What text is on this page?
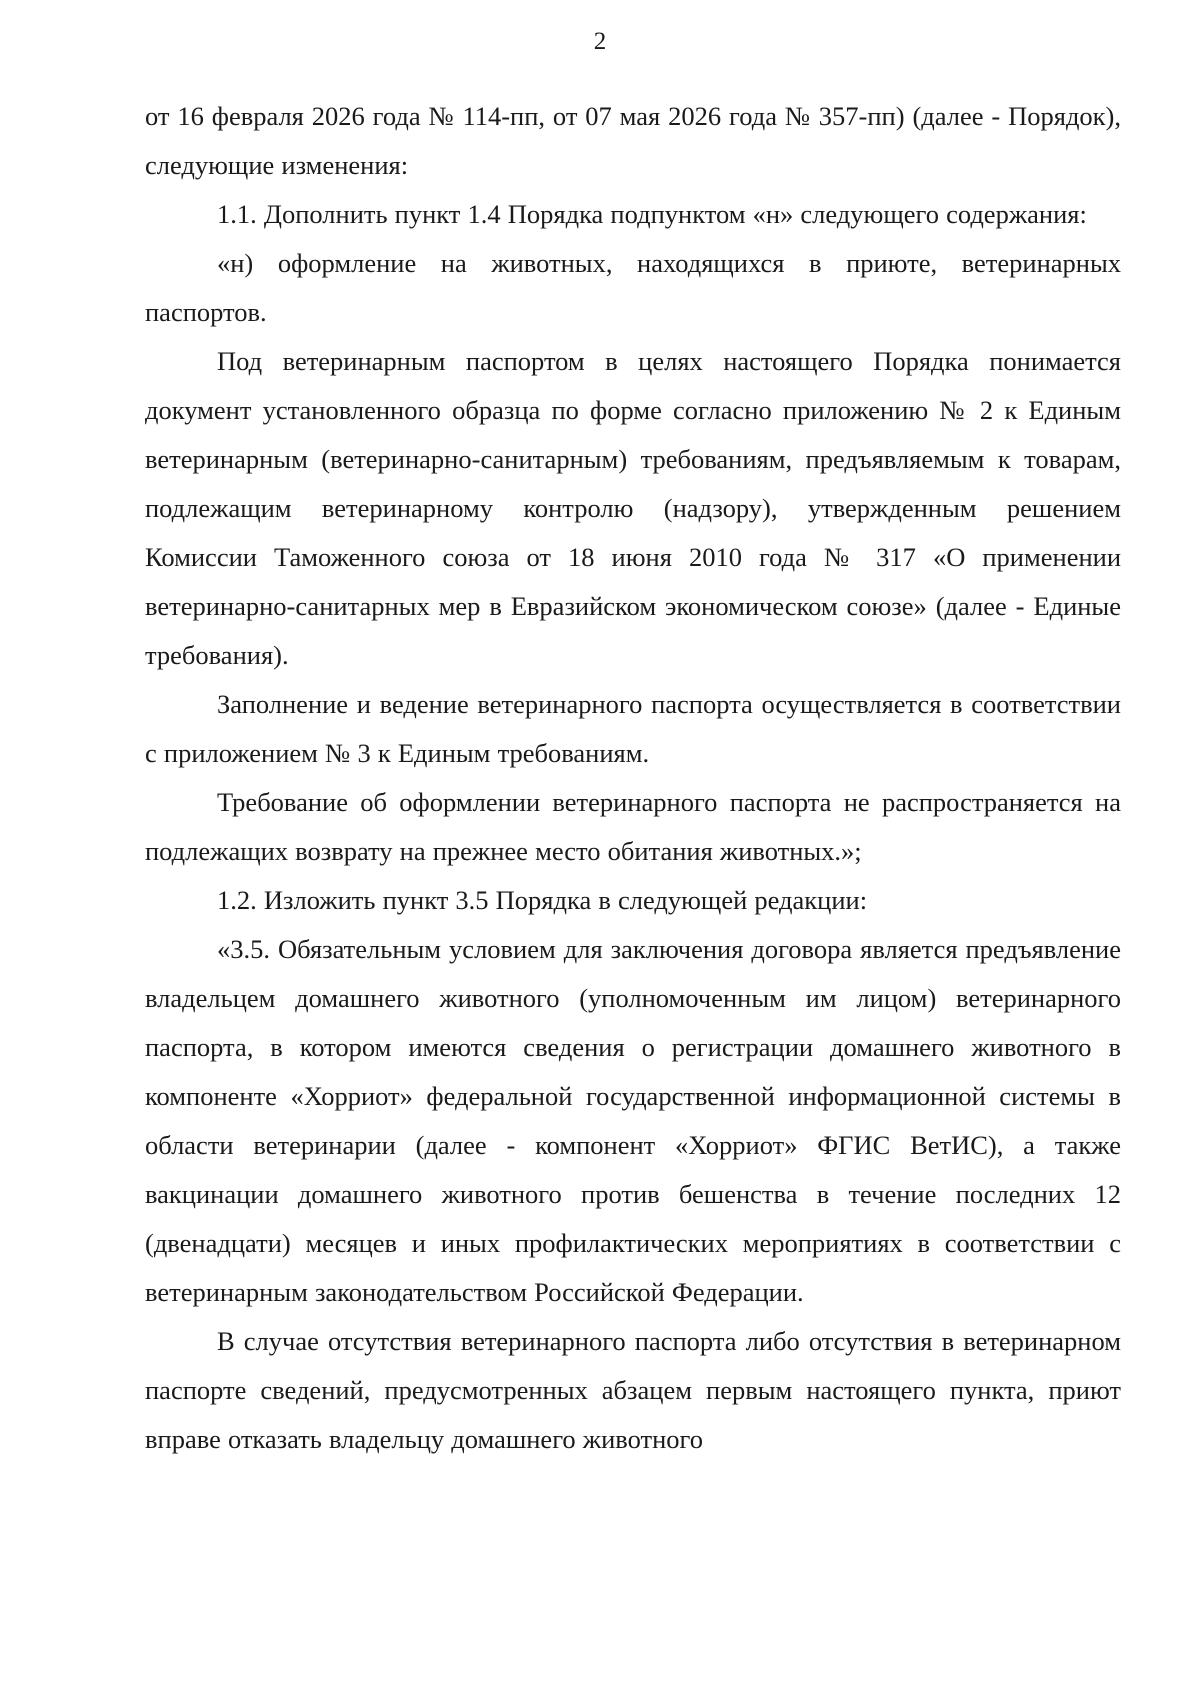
2

от 16 февраля 2026 года № 114-пп, от 07 мая 2026 года № 357-пп) (далее - Порядок), следующие изменения:

1.1. Дополнить пункт 1.4 Порядка подпунктом «н» следующего содержания:

«н) оформление на животных, находящихся в приюте, ветеринарных паспортов.

Под ветеринарным паспортом в целях настоящего Порядка понимается документ установленного образца по форме согласно приложению № 2 к Единым ветеринарным (ветеринарно-санитарным) требованиям, предъявляемым к товарам, подлежащим ветеринарному контролю (надзору), утвержденным решением Комиссии Таможенного союза от 18 июня 2010 года № 317 «О применении ветеринарно-санитарных мер в Евразийском экономическом союзе» (далее - Единые требования).

Заполнение и ведение ветеринарного паспорта осуществляется в соответствии с приложением № 3 к Единым требованиям.

Требование об оформлении ветеринарного паспорта не распространяется на подлежащих возврату на прежнее место обитания животных.»;

1.2. Изложить пункт 3.5 Порядка в следующей редакции:

«3.5. Обязательным условием для заключения договора является предъявление владельцем домашнего животного (уполномоченным им лицом) ветеринарного паспорта, в котором имеются сведения о регистрации домашнего животного в компоненте «Хорриот» федеральной государственной информационной системы в области ветеринарии (далее - компонент «Хорриот» ФГИС ВетИС), а также вакцинации домашнего животного против бешенства в течение последних 12 (двенадцати) месяцев и иных профилактических мероприятиях в соответствии с ветеринарным законодательством Российской Федерации.

В случае отсутствия ветеринарного паспорта либо отсутствия в ветеринарном паспорте сведений, предусмотренных абзацем первым настоящего пункта, приют вправе отказать владельцу домашнего животного
